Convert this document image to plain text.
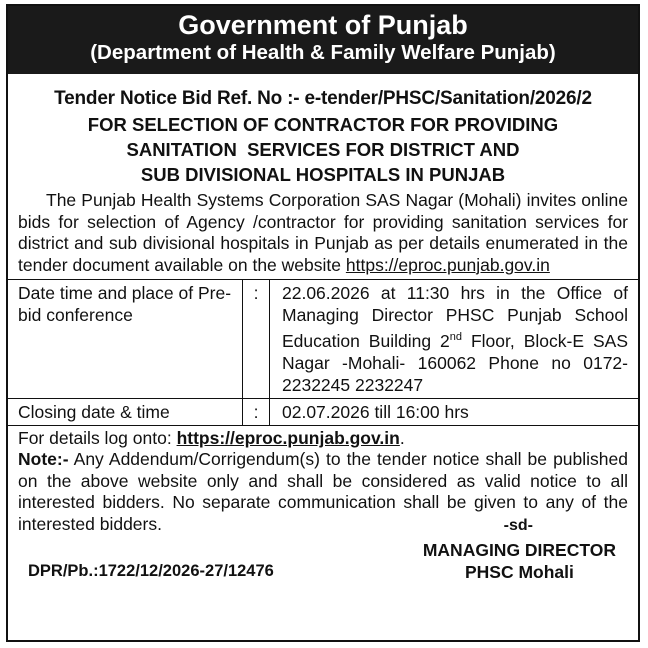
Government of Punjab
(Department of Health & Family Welfare Punjab)
Tender Notice Bid Ref. No :- e-tender/PHSC/Sanitation/2026/2
FOR SELECTION OF CONTRACTOR FOR PROVIDING
SANITATION  SERVICES FOR DISTRICT AND
SUB DIVISIONAL HOSPITALS IN PUNJAB
The Punjab Health Systems Corporation SAS Nagar (Mohali) invites online bids for selection of Agency /contractor for providing sanitation services for district and sub divisional hospitals in Punjab as per details enumerated in the tender document available on the website https://eproc.punjab.gov.in
Date time and place of Pre-bid conference	:	22.06.2026 at 11:30 hrs in the Office of Managing Director PHSC Punjab School Education Building 2nd Floor, Block-E SAS Nagar -Mohali- 160062 Phone no 0172-2232245 2232247
Closing date & time	:	02.07.2026 till 16:00 hrs
For details log onto: https://eproc.punjab.gov.in.
Note:- Any Addendum/Corrigendum(s) to the tender notice shall be published on the above website only and shall be considered as valid notice to all interested bidders. No separate communication shall be given to any of the interested bidders.	-sd-
MANAGING DIRECTOR
PHSC Mohali
DPR/Pb.:1722/12/2026-27/12476
